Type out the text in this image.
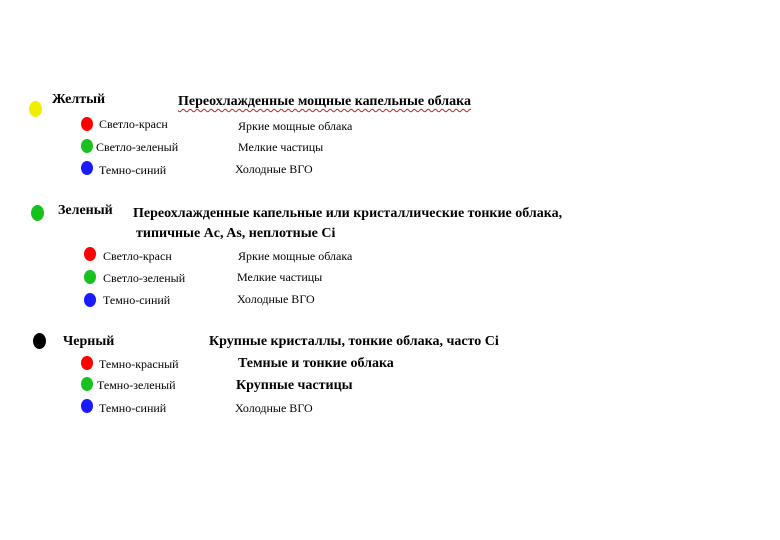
Желтый	Переохлажденные мощные капельные облака
Светло-красн	Яркие мощные облака
Светло-зеленый	Мелкие частицы
Темно-синий	Холодные ВГО
Зеленый Переохлажденные капельные или кристаллические тонкие облака,
типичные Ac, As, неплотные Ci
Светло-красн	Яркие мощные облака
Светло-зеленый	Мелкие частицы
Темно-синий	Холодные ВГО
Черный	Крупные кристаллы, тонкие облака, часто Ci
Темно-красный	Темные и тонкие облака
Темно-зеленый	Крупные частицы
Темно-синий	Холодные ВГО
